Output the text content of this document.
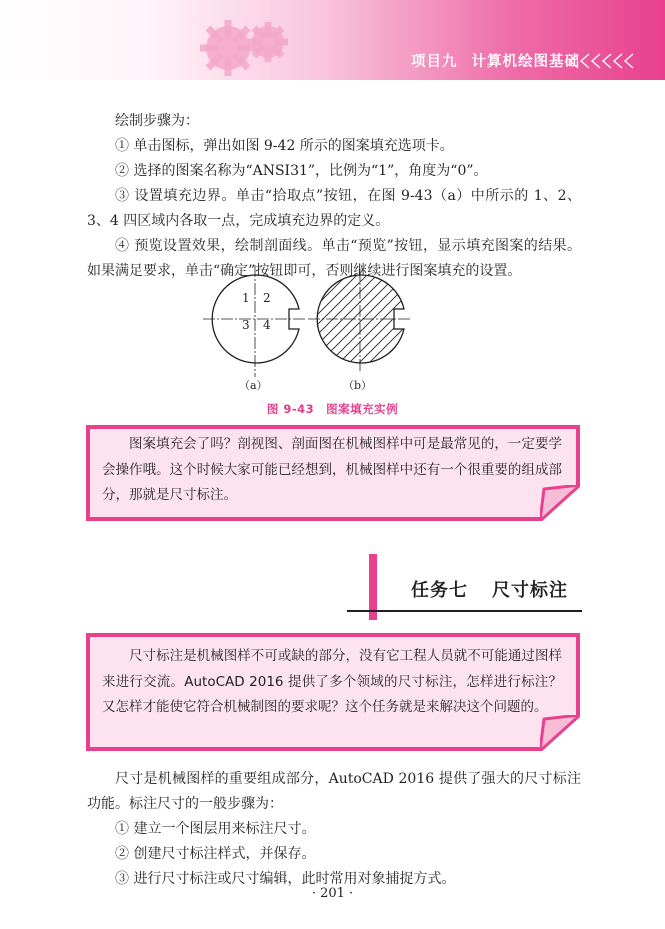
项目九 计算机绘图基础
绘制步骤为：
① 单击图标，弹出如图 9-42 所示的图案填充选项卡。
② 选择的图案名称为“ANSI31”，比例为“1”，角度为“0”。
③ 设置填充边界。单击“拾取点”按钮，在图 9-43（a）中所示的 1、2、3、4 四区域内各取一点，完成填充边界的定义。
④ 预览设置效果，绘制剖面线。单击“预览”按钮，显示填充图案的结果。如果满足要求，单击“确定”按钮即可，否则继续进行图案填充的设置。
1 2
3 4
（a）	（b）
图 9-43　图案填充实例
图案填充会了吗？剖视图、剖面图在机械图样中可是最常见的，一定要学会操作哦。这个时候大家可能已经想到，机械图样中还有一个很重要的组成部分，那就是尺寸标注。
任务七 尺寸标注
尺寸标注是机械图样不可或缺的部分，没有它工程人员就不可能通过图样来进行交流。AutoCAD 2016 提供了多个领域的尺寸标注，怎样进行标注？又怎样才能使它符合机械制图的要求呢？这个任务就是来解决这个问题的。
尺寸是机械图样的重要组成部分，AutoCAD 2016 提供了强大的尺寸标注功能。标注尺寸的一般步骤为：
① 建立一个图层用来标注尺寸。
② 创建尺寸标注样式，并保存。
③ 进行尺寸标注或尺寸编辑，此时常用对象捕捉方式。
· 201 ·
